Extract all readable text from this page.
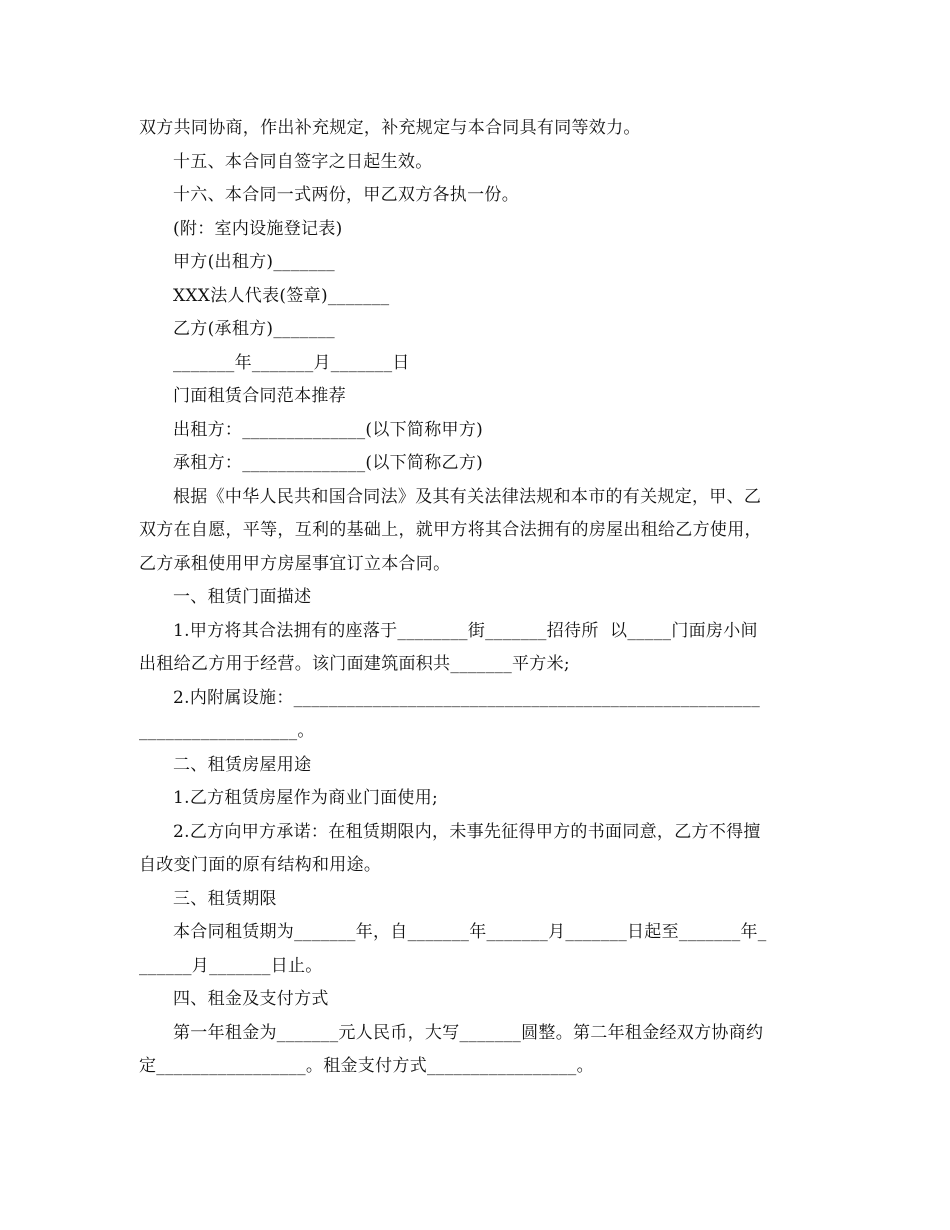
双方共同协商，作出补充规定，补充规定与本合同具有同等效力。
十五、本合同自签字之日起生效。
十六、本合同一式两份，甲乙双方各执一份。
(附：室内设施登记表)
甲方(出租方)_______
XXX法人代表(签章)_______
乙方(承租方)_______
_______年_______月_______日
门面租赁合同范本推荐
出租方：______________(以下简称甲方)
承租方：______________(以下简称乙方)
根据《中华人民共和国合同法》及其有关法律法规和本市的有关规定，甲、乙
双方在自愿，平等，互利的基础上，就甲方将其合法拥有的房屋出租给乙方使用，
乙方承租使用甲方房屋事宜订立本合同。
一、租赁门面描述
1.甲方将其合法拥有的座落于________街_______招待所  以_____门面房小间
出租给乙方用于经营。该门面建筑面积共_______平方米;
2.内附属设施：_____________________________________________________
__________________。
二、租赁房屋用途
1.乙方租赁房屋作为商业门面使用;
2.乙方向甲方承诺：在租赁期限内，未事先征得甲方的书面同意，乙方不得擅
自改变门面的原有结构和用途。
三、租赁期限
本合同租赁期为_______年，自_______年_______月_______日起至_______年_
______月_______日止。
四、租金及支付方式
第一年租金为_______元人民币，大写_______圆整。第二年租金经双方协商约
定_________________。租金支付方式_________________。
